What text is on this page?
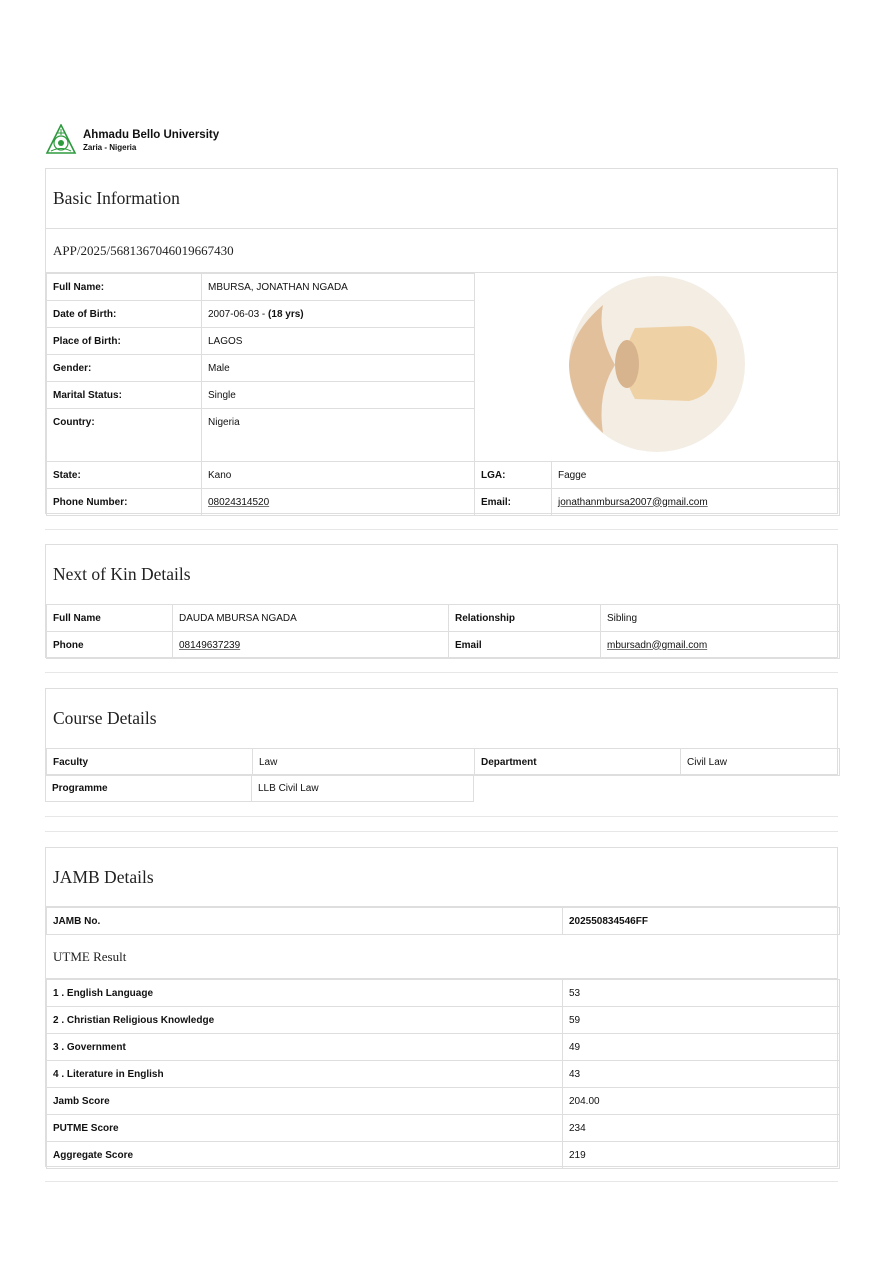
Ahmadu Bello University
Zaria - Nigeria
Basic Information
APP/2025/5681367046019667430
Full Name:	MBURSA, JONATHAN NGADA
Date of Birth:	2007-06-03 - (18 yrs)
Place of Birth:	LAGOS
Gender:	Male
Marital Status:	Single
Country:	Nigeria
State:	Kano	LGA:	Fagge
Phone Number:	08024314520	Email:	jonathanmbursa2007@gmail.com
Next of Kin Details
Full Name	DAUDA MBURSA NGADA	Relationship	Sibling
Phone	08149637239	Email	mbursadn@gmail.com
Course Details
Faculty	Law	Department	Civil Law
Programme	LLB Civil Law
JAMB Details
JAMB No.	202550834546FF
UTME Result
1 . English Language	53
2 . Christian Religious Knowledge	59
3 . Government	49
4 . Literature in English	43
Jamb Score	204.00
PUTME Score	234
Aggregate Score	219
